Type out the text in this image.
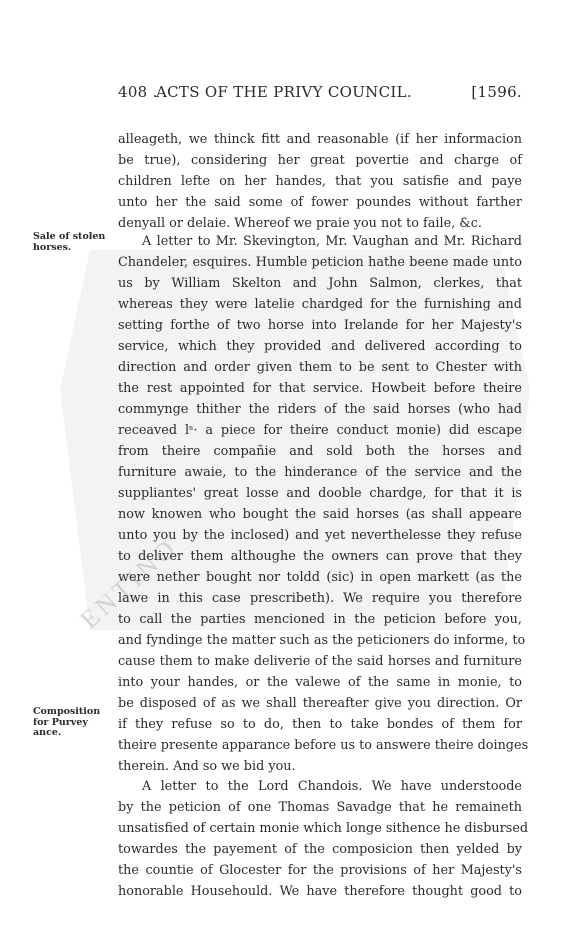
ENTINO
408 .
ACTS OF THE PRIVY COUNCIL.	[1596.
Sale of stolen
horses.
Composition
for Purvey
ance.
alleageth, we thinck fitt and reasonable (if her informacion
be true), considering her great povertie and charge of
children lefte on her handes, that you satisfie and paye
unto her the said some of fower poundes without farther
denyall or delaie. Whereof we praie you not to faile, &c.
A letter to Mr. Skevington, Mr. Vaughan and Mr. Richard
Chandeler, esquires. Humble peticion hathe beene made unto
us by William Skelton and John Salmon, clerkes, that
whereas they were latelie chardged for the furnishing and
setting forthe of two horse into Irelande for her Majesty's
service, which they provided and delivered according to
direction and order given them to be sent to Chester with
the rest appointed for that service. Howbeit before theire
commynge thither the riders of the said horses (who had
receaved lˢ· a piece for theire conduct monie) did escape
from theire compañie and sold both the horses and
furniture awaie, to the hinderance of the service and the
suppliantes' great losse and dooble chardge, for that it is
now knowen who bought the said horses (as shall appeare
unto you by the inclosed) and yet neverthelesse they refuse
to deliver them althoughe the owners can prove that they
were nether bought nor toldd (sic) in open markett (as the
lawe in this case prescribeth). We require you therefore
to call the parties mencioned in the peticion before you,
and fyndinge the matter such as the peticioners do informe, to
cause them to make deliverie of the said horses and furniture
into your handes, or the valewe of the same in monie, to
be disposed of as we shall thereafter give you direction. Or
if they refuse so to do, then to take bondes of them for
theire presente apparance before us to answere theire doinges
therein. And so we bid you.
A letter to the Lord Chandois. We have understoode
by the peticion of one Thomas Savadge that he remaineth
unsatisfied of certain monie which longe sithence he disbursed
towardes the payement of the composicion then yelded by
the countie of Glocester for the provisions of her Majesty's
honorable Househould. We have therefore thought good to
